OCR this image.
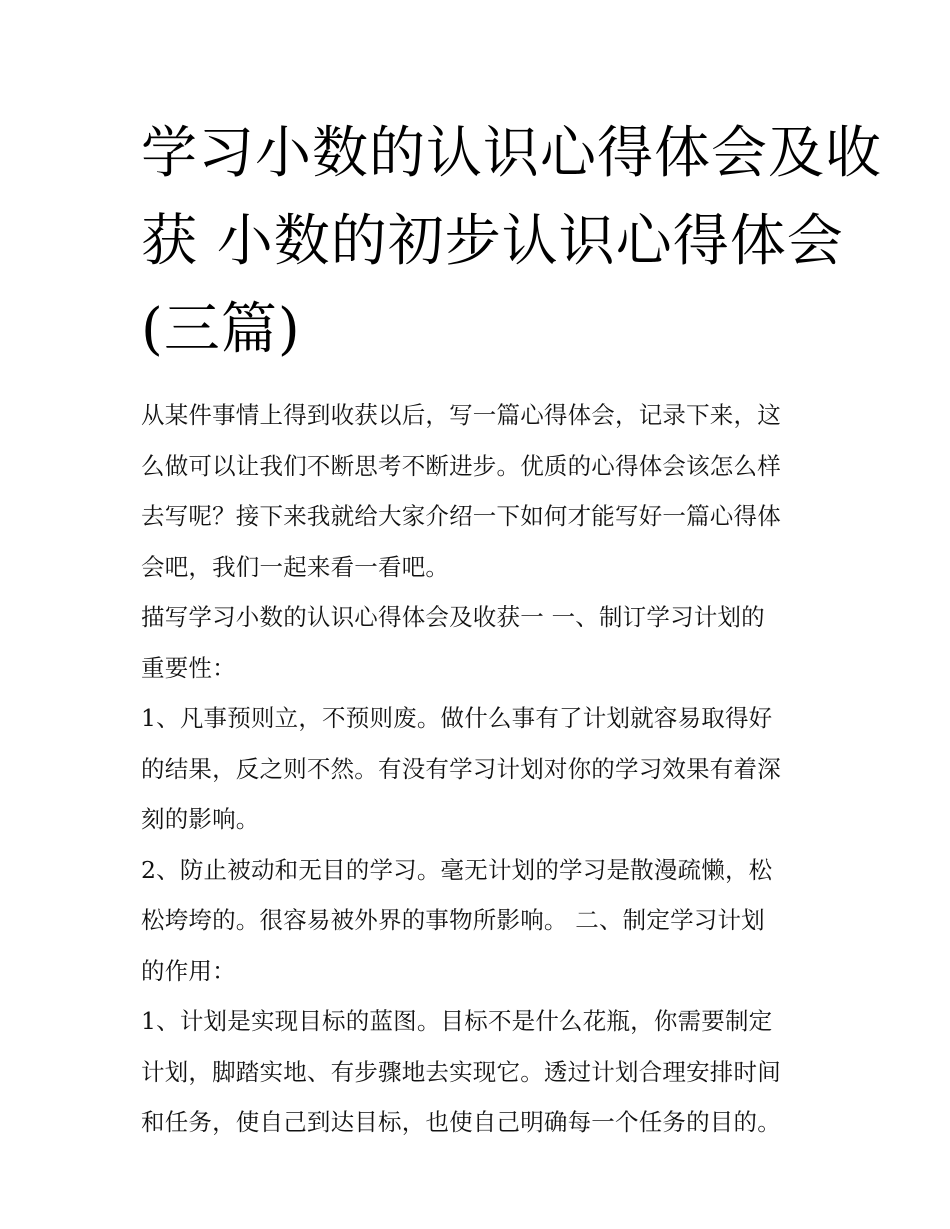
学习小数的认识心得体会及收
获 小数的初步认识心得体会
(三篇)

从某件事情上得到收获以后，写一篇心得体会，记录下来，这
么做可以让我们不断思考不断进步。优质的心得体会该怎么样
去写呢？接下来我就给大家介绍一下如何才能写好一篇心得体
会吧，我们一起来看一看吧。

描写学习小数的认识心得体会及收获一 一、制订学习计划的
重要性：

1、凡事预则立，不预则废。做什么事有了计划就容易取得好
的结果，反之则不然。有没有学习计划对你的学习效果有着深
刻的影响。

2、防止被动和无目的学习。毫无计划的学习是散漫疏懒，松
松垮垮的。很容易被外界的事物所影响。 二、制定学习计划
的作用：

1、计划是实现目标的蓝图。目标不是什么花瓶，你需要制定
计划，脚踏实地、有步骤地去实现它。透过计划合理安排时间
和任务，使自己到达目标，也使自己明确每一个任务的目的。
